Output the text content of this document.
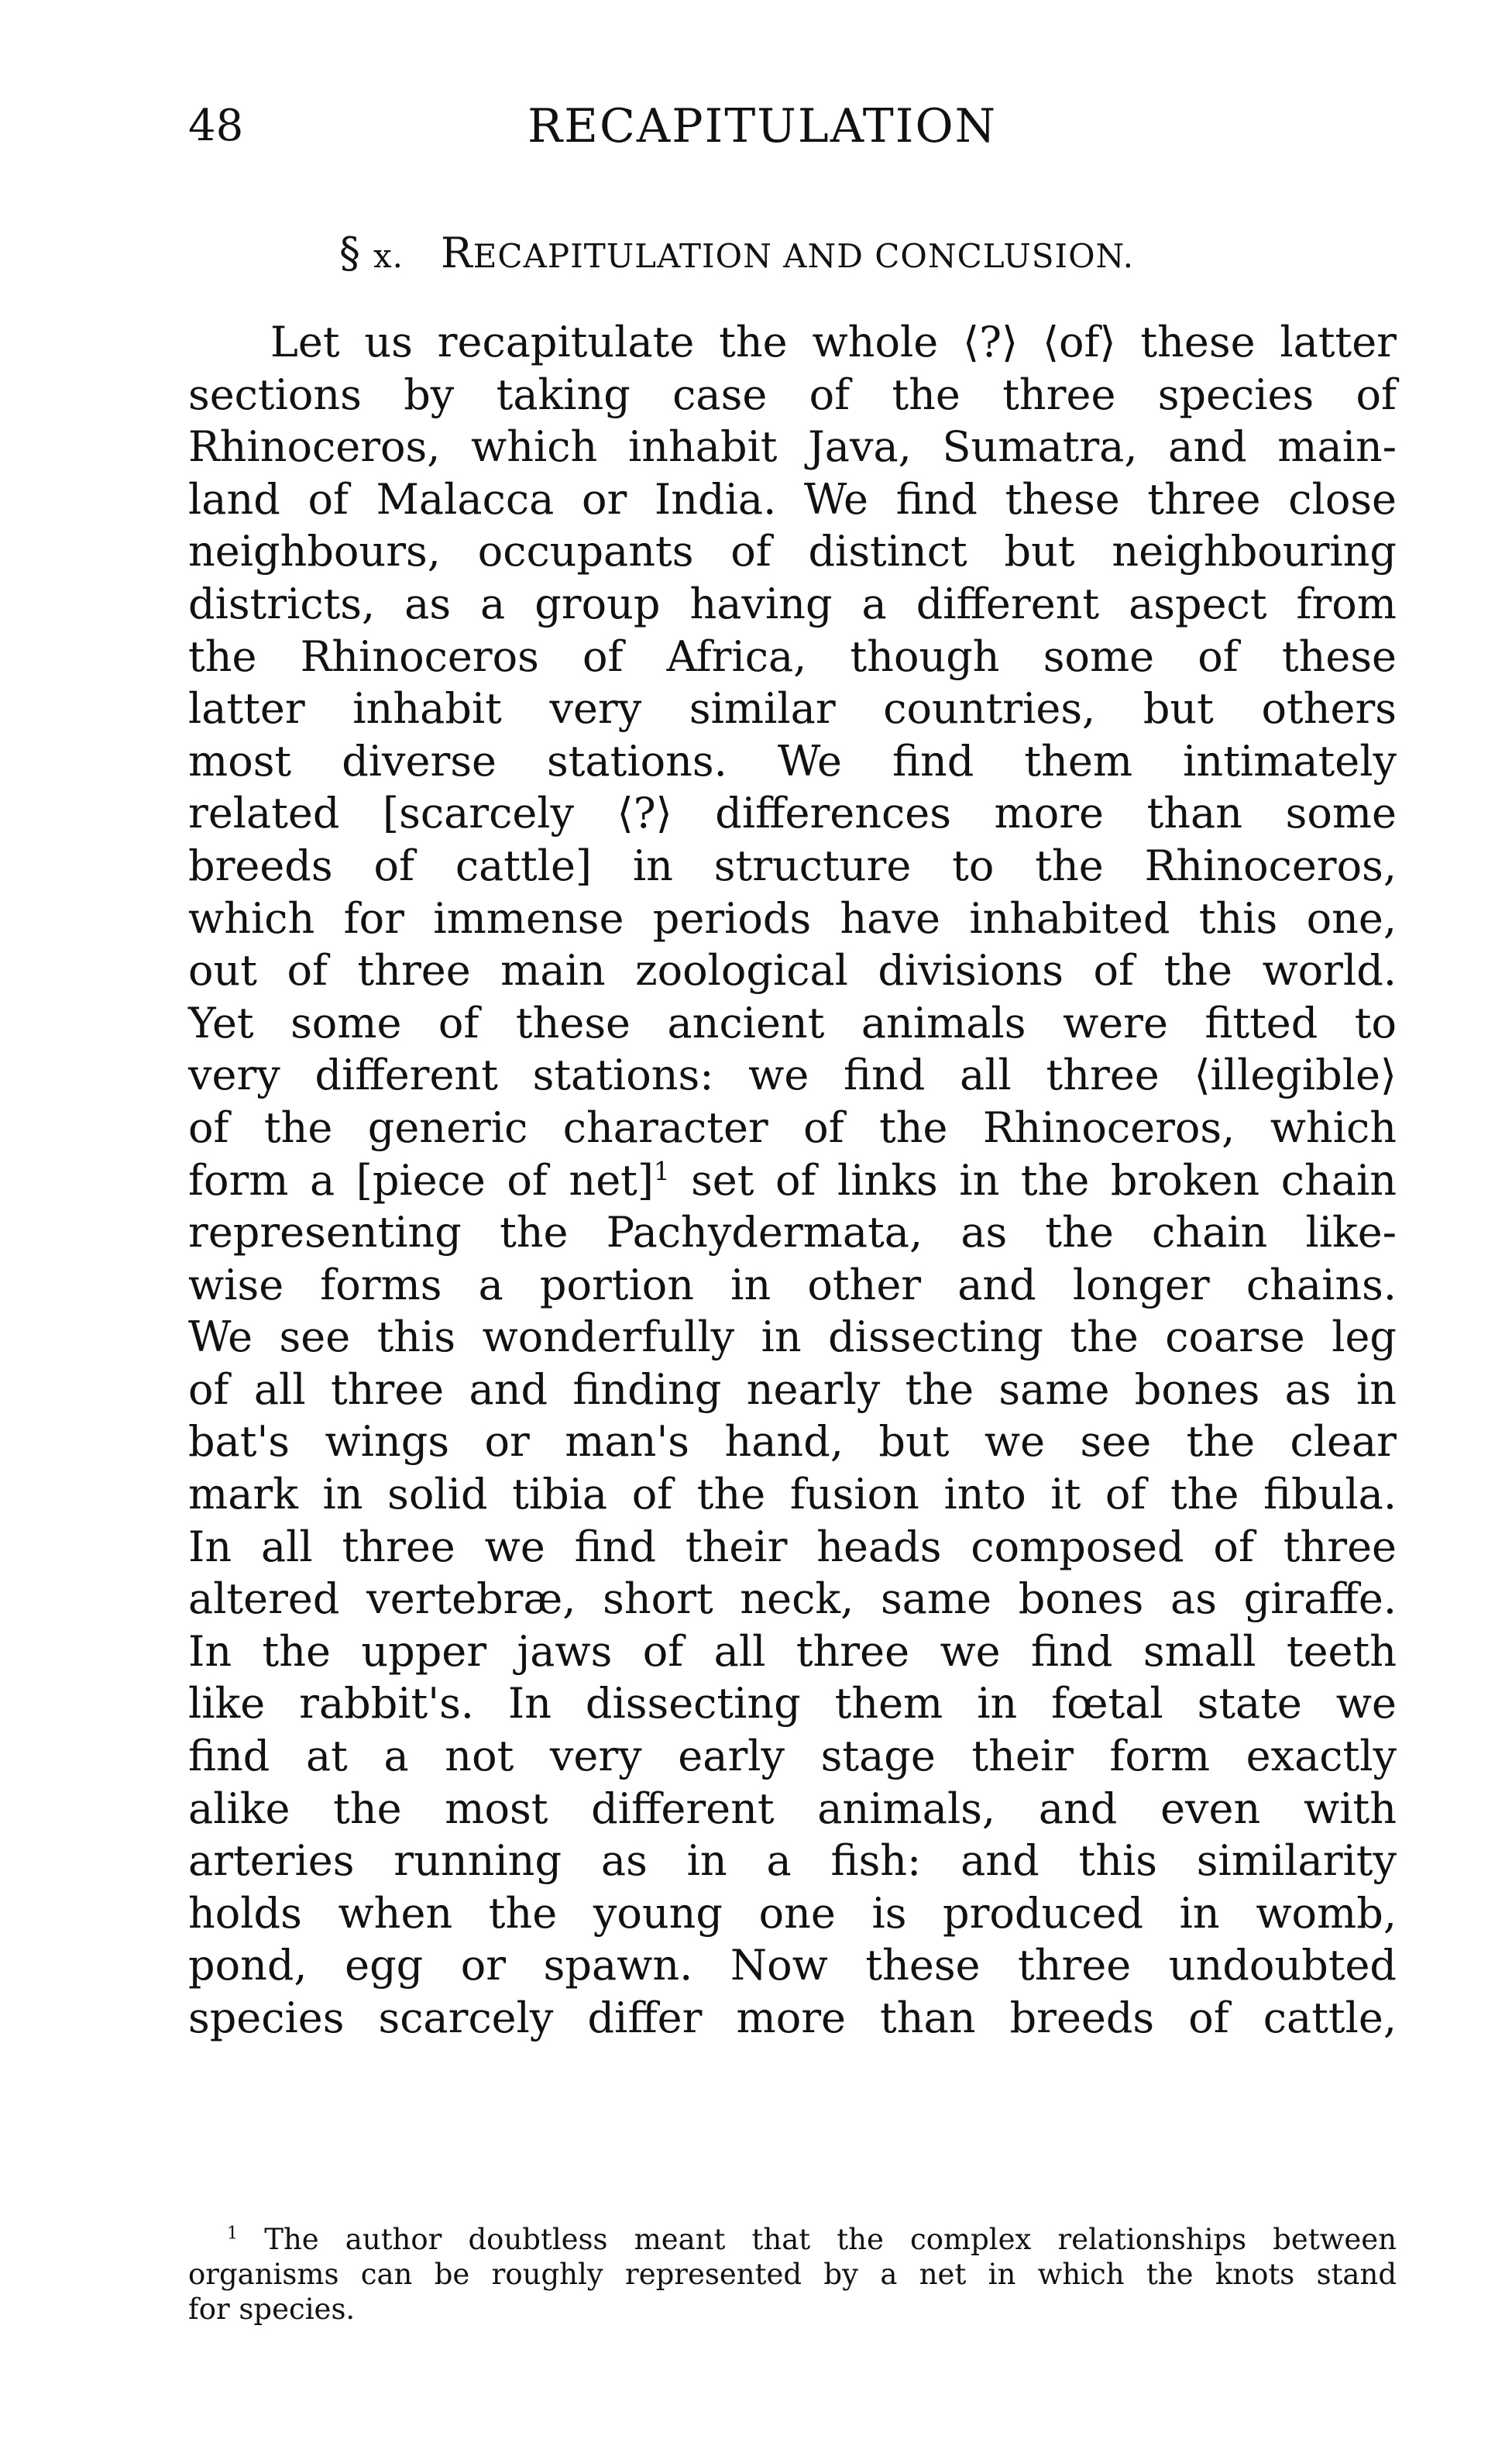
48	RECAPITULATION
§ x. RECAPITULATION AND CONCLUSION.
Let us recapitulate the whole ⟨?⟩ ⟨of⟩ these latter
sections by taking case of the three species of
Rhinoceros, which inhabit Java, Sumatra, and main-
land of Malacca or India. We find these three close
neighbours, occupants of distinct but neighbouring
districts, as a group having a different aspect from
the Rhinoceros of Africa, though some of these
latter inhabit very similar countries, but others
most diverse stations. We find them intimately
related [scarcely ⟨?⟩ differences more than some
breeds of cattle] in structure to the Rhinoceros,
which for immense periods have inhabited this one,
out of three main zoological divisions of the world.
Yet some of these ancient animals were fitted to
very different stations: we find all three ⟨illegible⟩
of the generic character of the Rhinoceros, which
form a [piece of net]$^1$ set of links in the broken chain
representing the Pachydermata, as the chain like-
wise forms a portion in other and longer chains.
We see this wonderfully in dissecting the coarse leg
of all three and finding nearly the same bones as in
bat's wings or man's hand, but we see the clear
mark in solid tibia of the fusion into it of the fibula.
In all three we find their heads composed of three
altered vertebræ, short neck, same bones as giraffe.
In the upper jaws of all three we find small teeth
like rabbit's. In dissecting them in fœtal state we
find at a not very early stage their form exactly
alike the most different animals, and even with
arteries running as in a fish: and this similarity
holds when the young one is produced in womb,
pond, egg or spawn. Now these three undoubted
species scarcely differ more than breeds of cattle,
$^1$ The author doubtless meant that the complex relationships between
organisms can be roughly represented by a net in which the knots stand
for species.
